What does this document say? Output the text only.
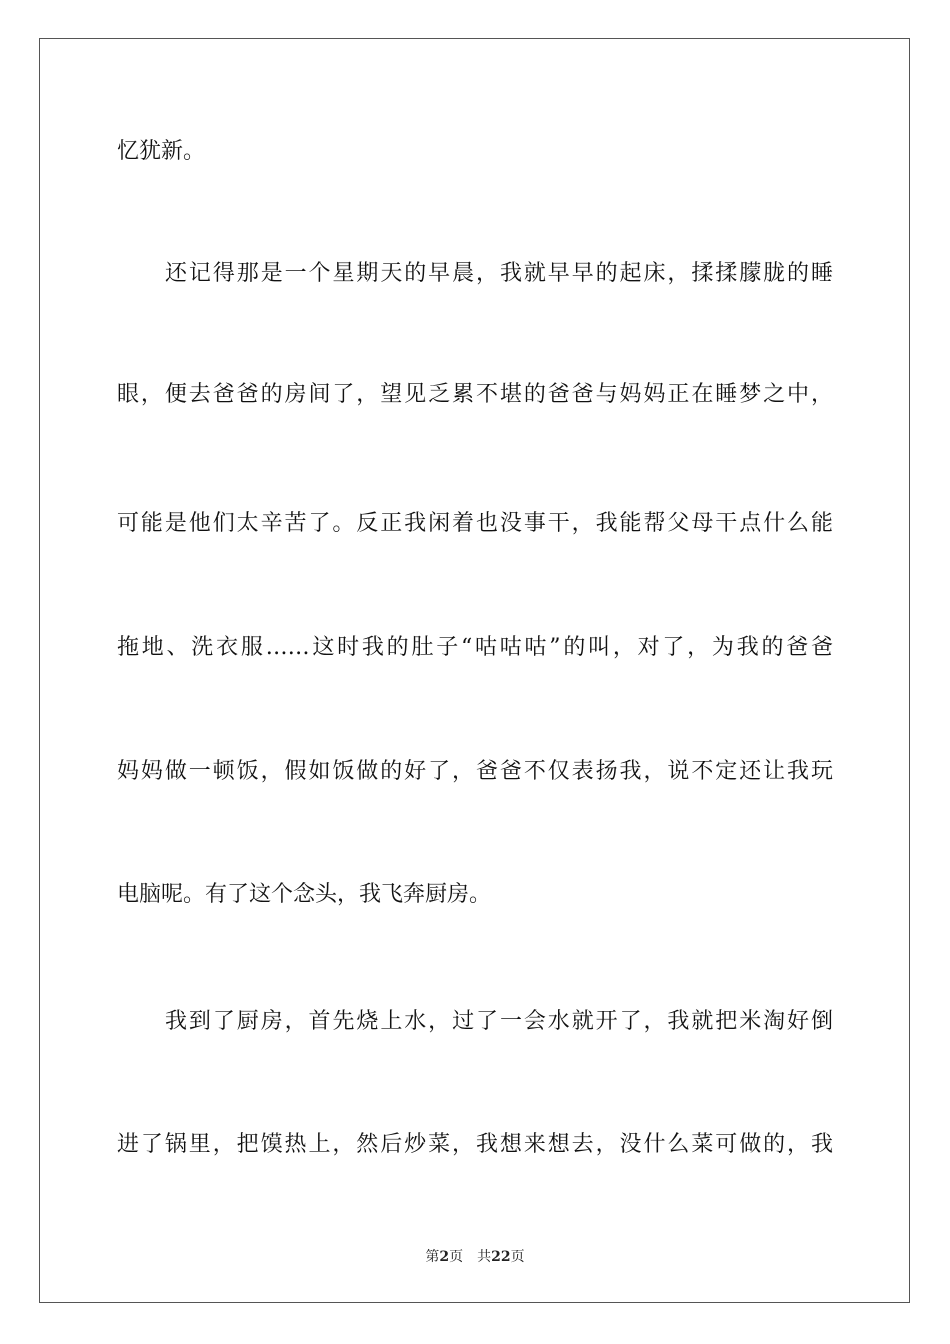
忆犹新。
还记得那是一个星期天的早晨，我就早早的起床，揉揉朦胧的睡
眼，便去爸爸的房间了，望见乏累不堪的爸爸与妈妈正在睡梦之中，
可能是他们太辛苦了。反正我闲着也没事干，我能帮父母干点什么能
拖地、洗衣服……这时我的肚子“咕咕咕”的叫，对了，为我的爸爸
妈妈做一顿饭，假如饭做的好了，爸爸不仅表扬我，说不定还让我玩
电脑呢。有了这个念头，我飞奔厨房。
我到了厨房，首先烧上水，过了一会水就开了，我就把米淘好倒
进了锅里，把馍热上，然后炒菜，我想来想去，没什么菜可做的，我
第2页 共22页
